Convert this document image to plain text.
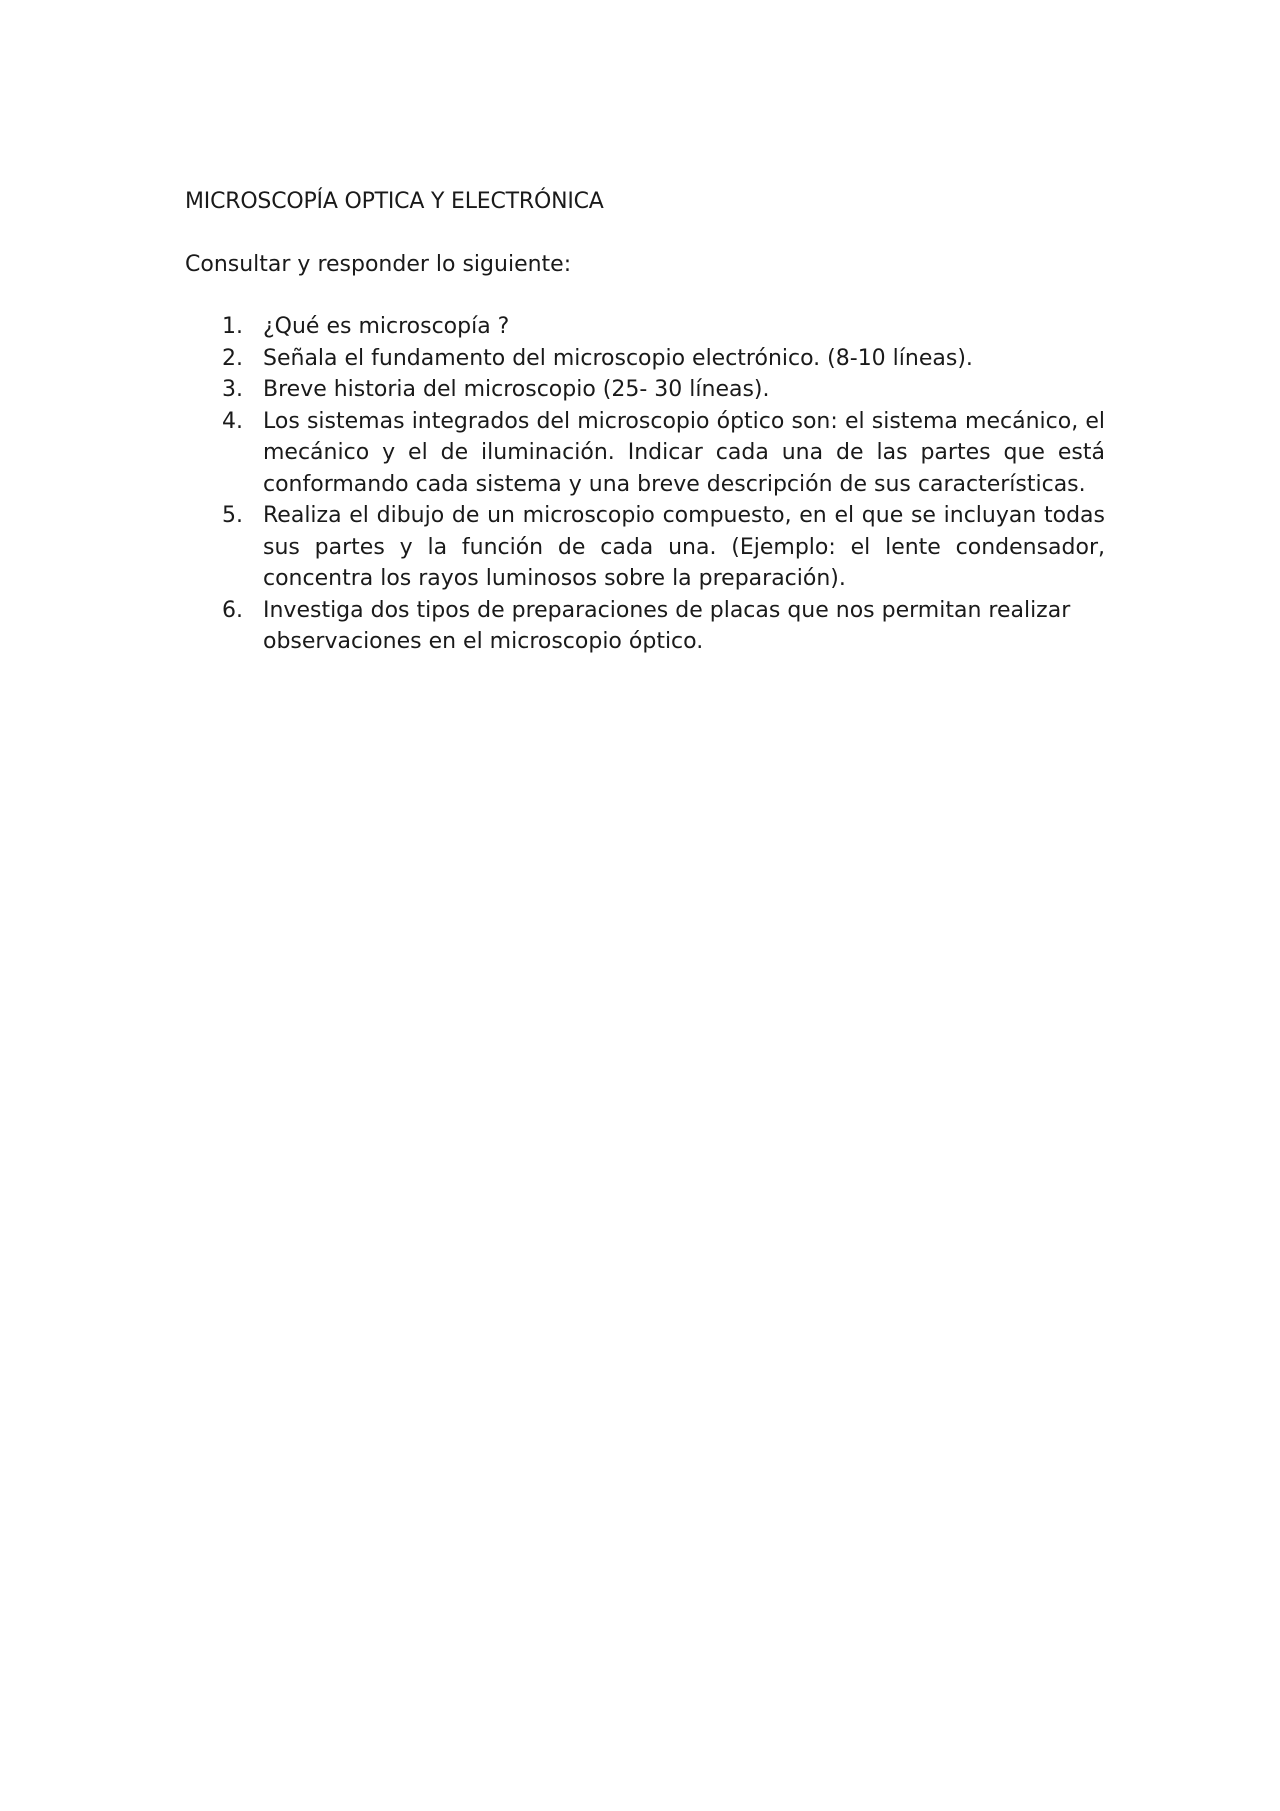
MICROSCOPÍA OPTICA Y ELECTRÓNICA

Consultar y responder lo siguiente:

1. ¿Qué es microscopía ?
2. Señala el fundamento del microscopio electrónico. (8-10 líneas).
3. Breve historia del microscopio (25- 30 líneas).
4. Los sistemas integrados del microscopio óptico son: el sistema mecánico, el mecánico y el de iluminación. Indicar cada una de las partes que está conformando cada sistema y una breve descripción de sus características.
5. Realiza el dibujo de un microscopio compuesto, en el que se incluyan todas sus partes y la función de cada una. (Ejemplo: el lente condensador, concentra los rayos luminosos sobre la preparación).
6. Investiga dos tipos de preparaciones de placas que nos permitan realizar observaciones en el microscopio óptico.
